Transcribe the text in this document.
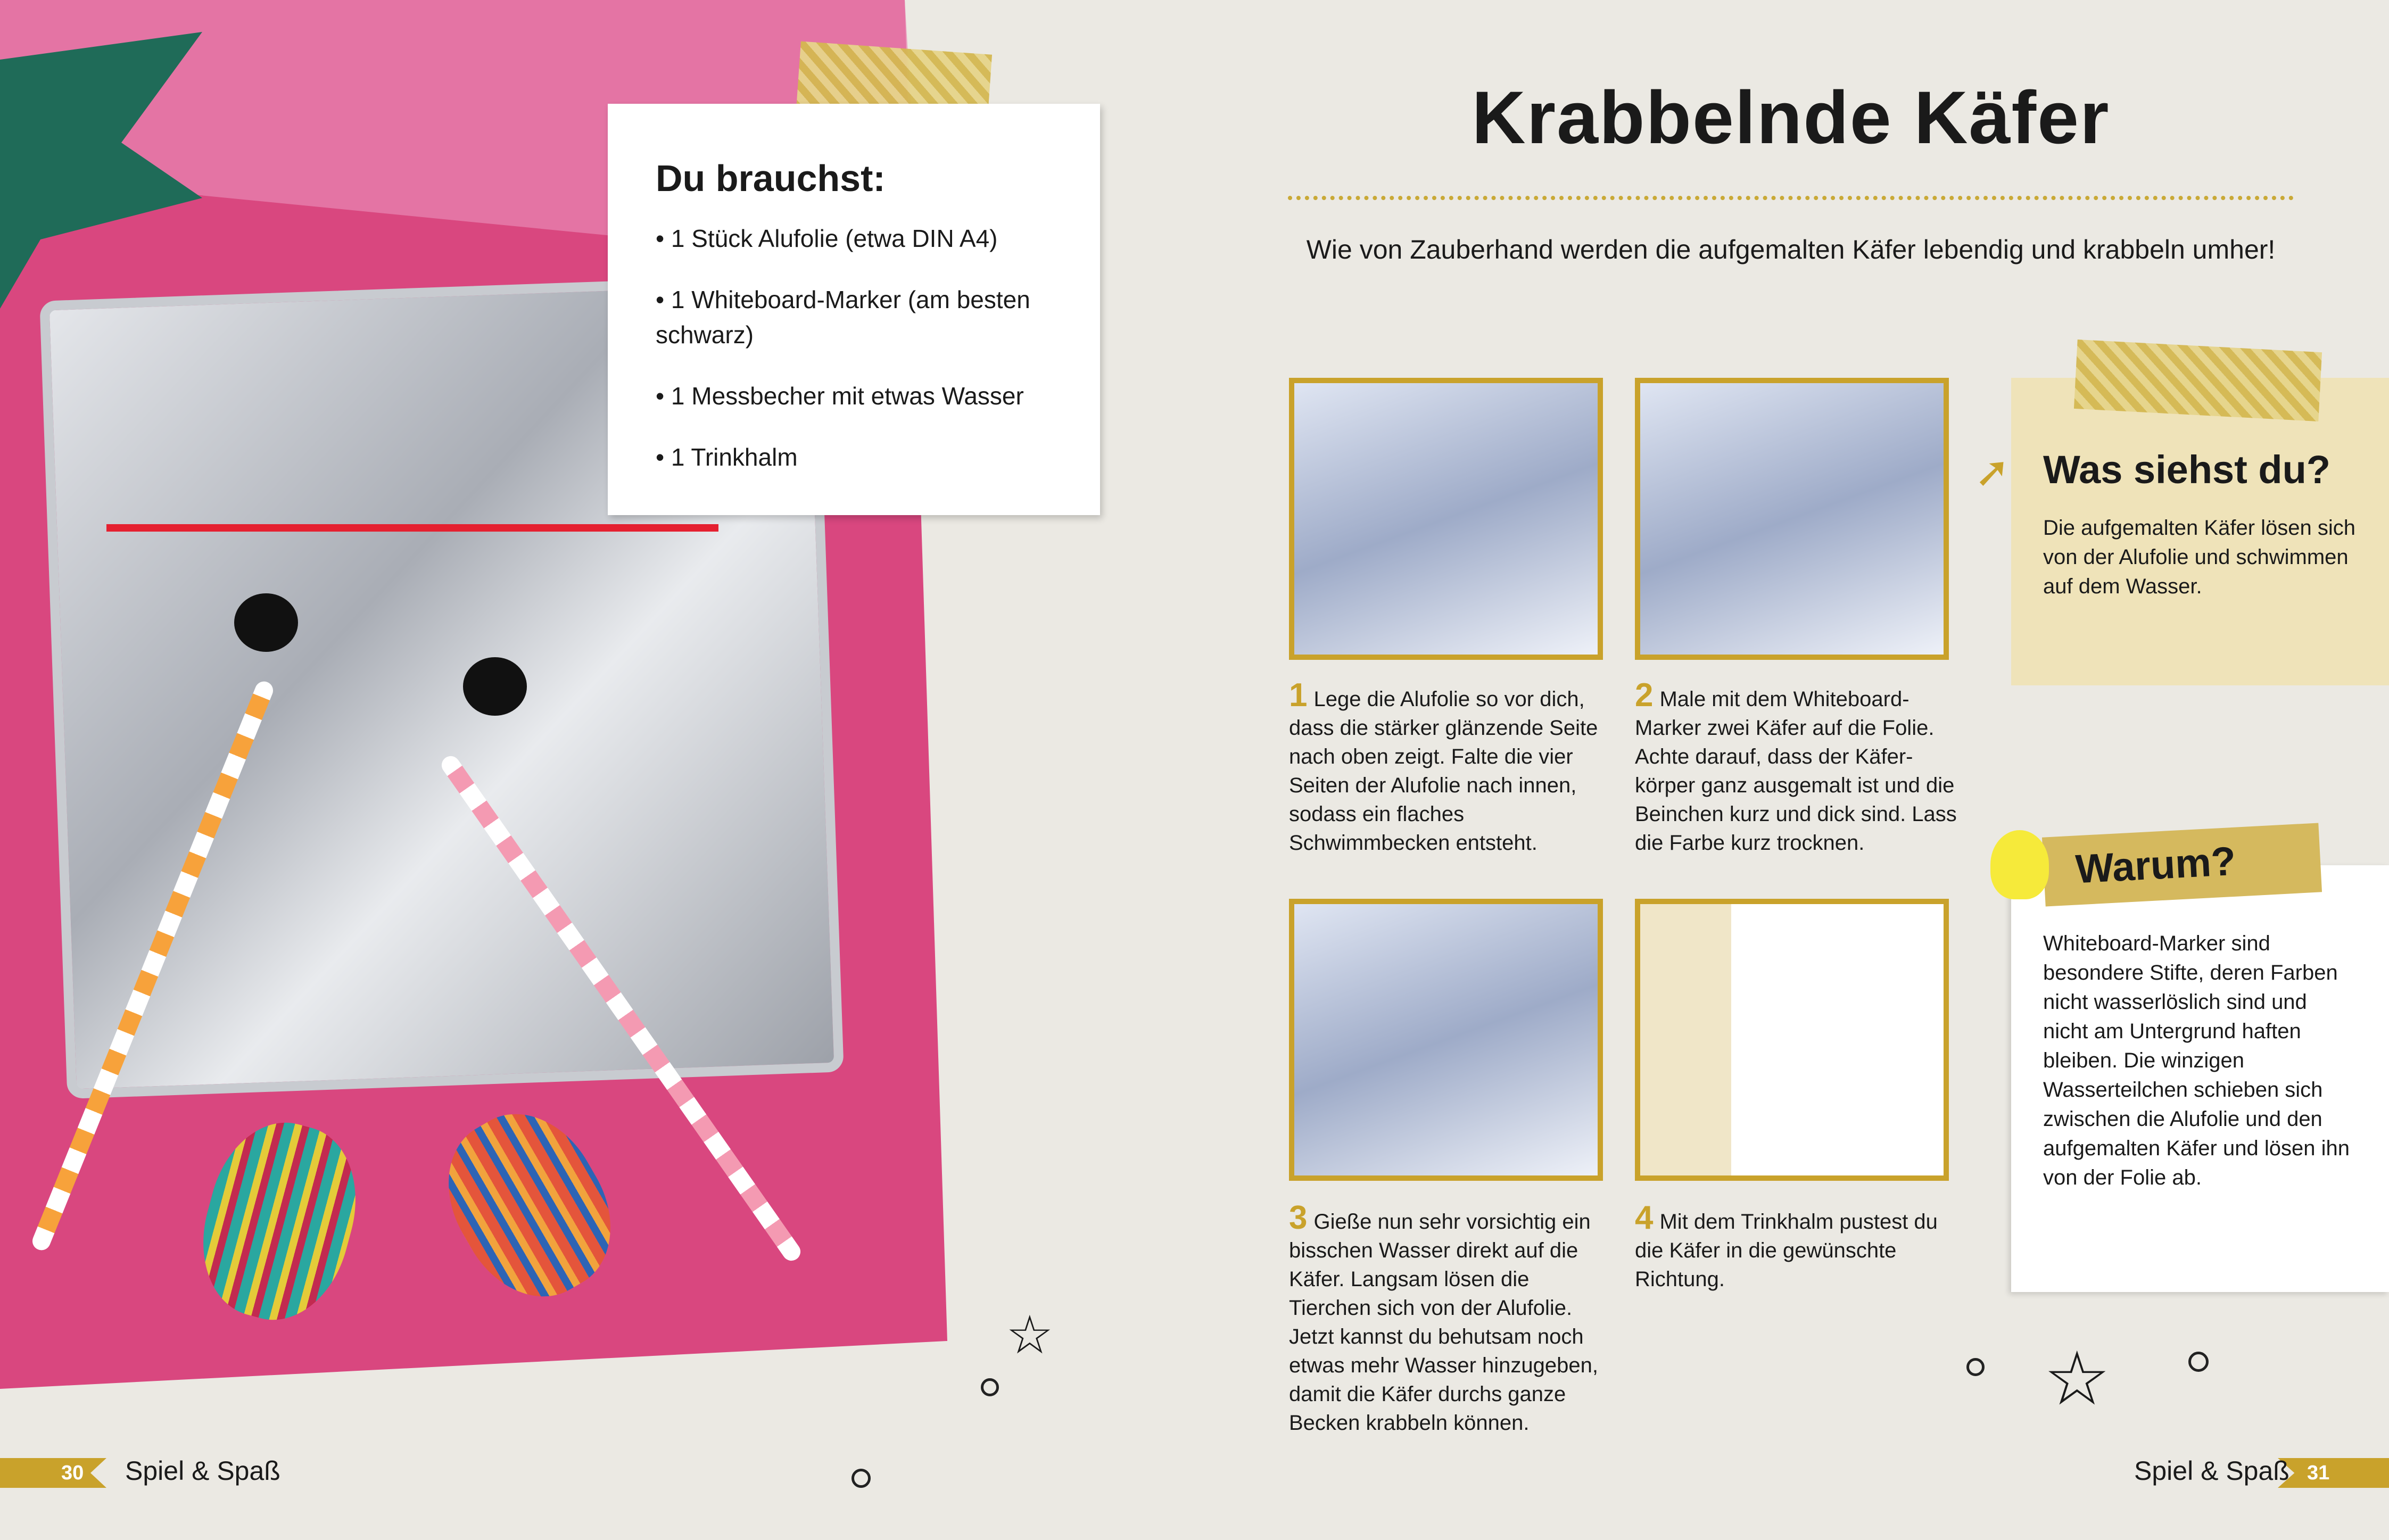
Du brauchst:
• 1 Stück Alufolie (etwa DIN A4)
• 1 Whiteboard-Marker (am besten schwarz)
• 1 Messbecher mit etwas Wasser
• 1 Trinkhalm
Krabbelnde Käfer
Wie von Zauberhand werden die aufgemalten Käfer lebendig und krabbeln umher!
1 Lege die Alufolie so vor dich, dass die stärker glänzende Seite nach oben zeigt. Falte die vier Seiten der Alufolie nach innen, sodass ein flaches Schwimmbecken entsteht.
2 Male mit dem Whiteboard-Marker zwei Käfer auf die Folie. Achte darauf, dass der Käfer-körper ganz ausgemalt ist und die Beinchen kurz und dick sind. Lass die Farbe kurz trocknen.
3 Gieße nun sehr vorsichtig ein bisschen Wasser direkt auf die Käfer. Langsam lösen die Tierchen sich von der Alufolie. Jetzt kannst du behutsam noch etwas mehr Wasser hinzugeben, damit die Käfer durchs ganze Becken krabbeln können.
4 Mit dem Trinkhalm pustest du die Käfer in die gewünschte Richtung.
Was siehst du?

Die aufgemalten Käfer lösen sich von der Alufolie und schwimmen auf dem Wasser.

➚

Whiteboard-Marker sind besondere Stifte, deren Farben nicht wasserlöslich sind und nicht am Untergrund haften bleiben. Die winzigen Wasserteilchen schieben sich zwischen die Alufolie und den aufgemalten Käfer und lösen ihn von der Folie ab.

Warum?
☆
☆
30 Spiel & Spaß	31
Spiel & Spaß
